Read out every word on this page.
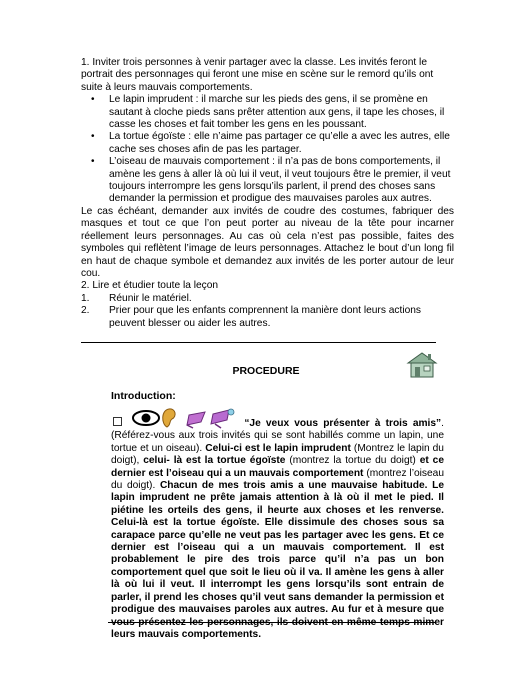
1. Inviter trois personnes à venir partager avec la classe. Les invités feront le portrait des personnages qui feront une mise en scène sur le remord qu’ils ont suite à leurs mauvais comportements.

• Le lapin imprudent : il marche sur les pieds des gens, il se promène en sautant à cloche pieds sans prêter attention aux gens, il tape les choses, il casse les choses et fait tomber les gens en les poussant.
• La tortue égoïste : elle n’aime pas partager ce qu’elle a avec les autres, elle cache ses choses afin de pas les partager.
• L’oiseau de mauvais comportement : il n’a pas de bons comportements, il amène les gens à aller là où lui il veut, il veut toujours être le premier, il veut toujours interrompre les gens lorsqu’ils parlent, il prend des choses sans demander la permission et prodigue des mauvaises paroles aux autres.

Le cas échéant, demander aux invités de coudre des costumes, fabriquer des masques et tout ce que l’on peut porter au niveau de la tête pour incarner réellement leurs personnages. Au cas où cela n’est pas possible, faites des symboles qui reflètent l’image de leurs personnages. Attachez le bout d’un long fil en haut de chaque symbole et demandez aux invités de les porter autour de leur cou.

2. Lire et étudier toute la leçon

1. Réunir le matériel.
2. Prier pour que les enfants comprennent la manière dont leurs actions peuvent blesser ou aider les autres.
PROCEDURE
Introduction:
“Je veux vous présenter à trois amis”. (Référez-vous aux trois invités qui se sont habillés comme un lapin, une tortue et un oiseau). Celui-ci est le lapin imprudent (Montrez le lapin du doigt), celui- là est la tortue égoïste (montrez la tortue du doigt) et ce dernier est l’oiseau qui a un mauvais comportement (montrez l’oiseau du doigt). Chacun de mes trois amis a une mauvaise habitude. Le lapin imprudent ne prête jamais attention à là où il met le pied. Il piétine les orteils des gens, il heurte aux choses et les renverse. Celui-là est la tortue égoïste. Elle dissimule des choses sous sa carapace parce qu’elle ne veut pas les partager avec les gens. Et ce dernier est l’oiseau qui a un mauvais comportement. Il est probablement le pire des trois parce qu’il n’a pas un bon comportement quel que soit le lieu où il va. Il amène les gens à aller là où lui il veut. Il interrompt les gens lorsqu’ils sont entrain de parler, il prend les choses qu’il veut sans demander la permission et prodigue des mauvaises paroles aux autres. Au fur et à mesure que vous présentez les personnages, ils doivent en même temps mimer leurs mauvais comportements.
